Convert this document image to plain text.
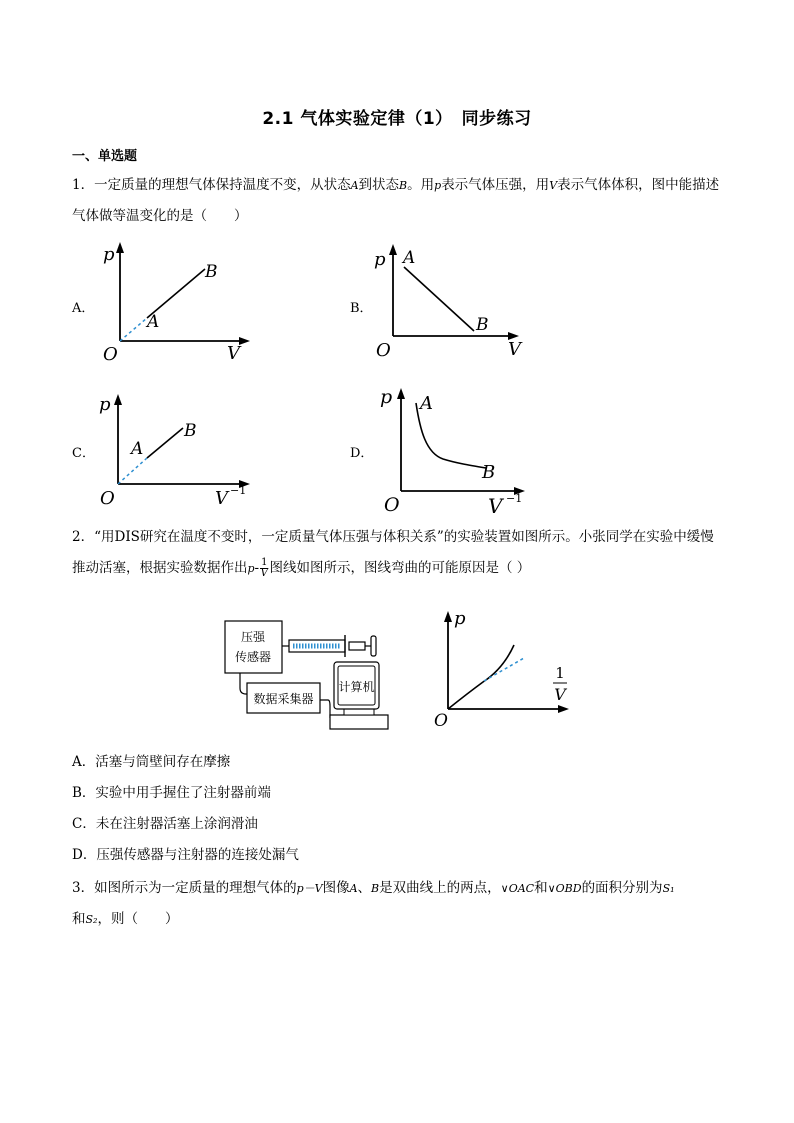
2.1 气体实验定律（1）　同步练习
一、单选题
1．一定质量的理想气体保持温度不变，从状态A到状态B。用p表示气体压强，用V表示气体体积，图中能描述气体做等温变化的是（　　）
A．
p
V
O
A
B
B．
p
V
O
A
B
C．
p
V −1
O
A
B
D．
p
V −1
O
A
B
2．“用DIS研究在温度不变时，一定质量气体压强与体积关系”的实验装置如图所示。小张同学在实验中缓慢推动活塞，根据实验数据作出$p- \frac{1}{V}$ 图线如图所示，图线弯曲的可能原因是（ ）
压强
传感器
数据采集器
计算机
p
1
V
O
A．活塞与筒壁间存在摩擦
B．实验中用手握住了注射器前端
C．未在注射器活塞上涂润滑油
D．压强传感器与注射器的连接处漏气
3．如图所示为一定质量的理想气体的p－V图像A、B是双曲线上的两点，∨OAC和∨OBD的面积分别为S₁
和S₂，则（　　）
